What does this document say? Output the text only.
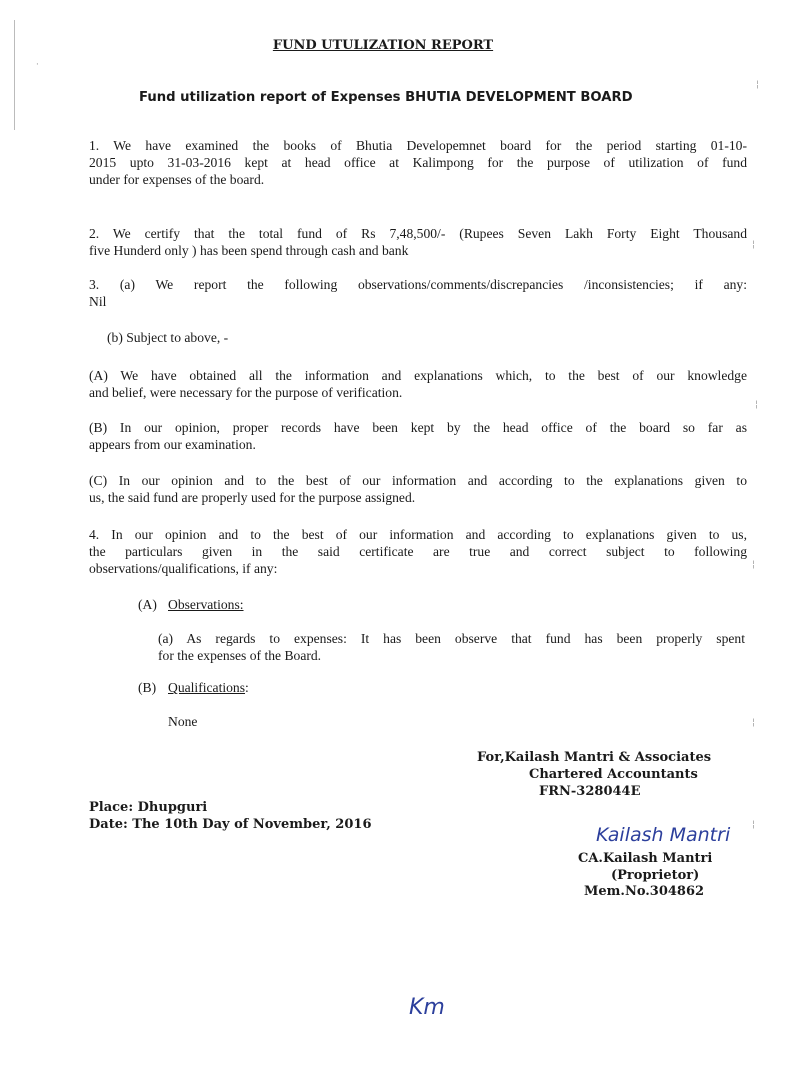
FUND UTULIZATION REPORT
Fund utilization report of Expenses BHUTIA DEVELOPMENT BOARD
1. We have examined the books of Bhutia Developemnet board for the period starting 01-10-
2015 upto 31-03-2016 kept at head office at Kalimpong for the purpose of utilization of fund
under for expenses of the board.
2. We certify that the total fund of Rs 7,48,500/- (Rupees Seven Lakh Forty Eight Thousand
five Hunderd only ) has been spend through cash and bank
3. (a) We report the following observations/comments/discrepancies /inconsistencies; if any:
Nil
(b) Subject to above, -
(A) We have obtained all the information and explanations which, to the best of our knowledge
and belief, were necessary for the purpose of verification.
(B) In our opinion, proper records have been kept by the head office of the board so far as
appears from our examination.
(C) In our opinion and to the best of our information and according to the explanations given to
us, the said fund are properly used for the purpose assigned.
4. In our opinion and to the best of our information and according to explanations given to us,
the particulars given in the said certificate are true and correct subject to following
observations/qualifications, if any:
(A) Observations:
(a) As regards to expenses: It has been observe that fund has been properly spent
for the expenses of the Board.
(B) Qualifications:
None
For,Kailash Mantri & Associates
Chartered Accountants
FRN-328044E
Place: Dhupguri
Date: The 10th Day of November, 2016	Kailash Mantri
CA.Kailash Mantri
(Proprietor)
Mem.No.304862
Km
·
¦
¦
¦
¦
¦
¦
